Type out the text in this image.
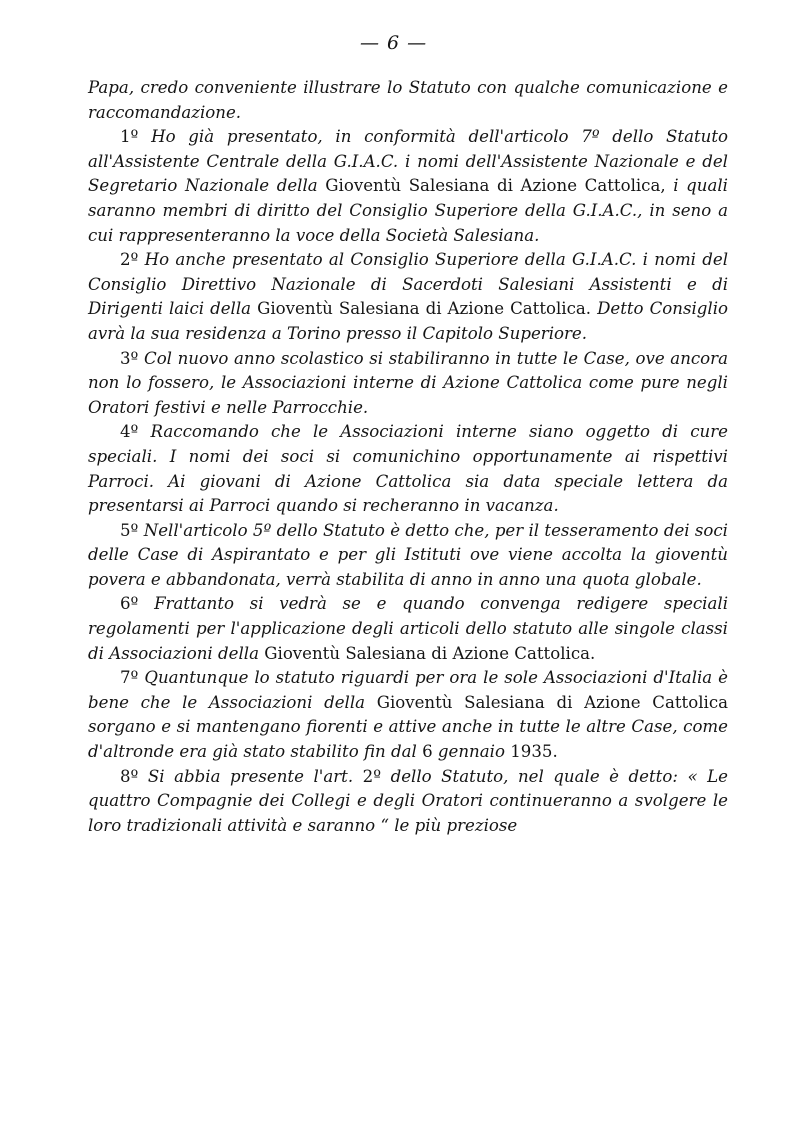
— 6 —

Papa, credo conveniente illustrare lo Statuto con qualche comunicazione e raccomandazione.

1º Ho già presentato, in conformità dell'articolo 7º dello Statuto all'Assistente Centrale della G.I.A.C. i nomi dell'Assistente Nazionale e del Segretario Nazionale della Gioventù Salesiana di Azione Cattolica, i quali saranno membri di diritto del Consiglio Superiore della G.I.A.C., in seno a cui rappresenteranno la voce della Società Salesiana.

2º Ho anche presentato al Consiglio Superiore della G.I.A.C. i nomi del Consiglio Direttivo Nazionale di Sacerdoti Salesiani Assistenti e di Dirigenti laici della Gioventù Salesiana di Azione Cattolica. Detto Consiglio avrà la sua residenza a Torino presso il Capitolo Superiore.

3º Col nuovo anno scolastico si stabiliranno in tutte le Case, ove ancora non lo fossero, le Associazioni interne di Azione Cattolica come pure negli Oratori festivi e nelle Parrocchie.

4º Raccomando che le Associazioni interne siano oggetto di cure speciali. I nomi dei soci si comunichino opportunamente ai rispettivi Parroci. Ai giovani di Azione Cattolica sia data speciale lettera da presentarsi ai Parroci quando si recheranno in vacanza.

5º Nell'articolo 5º dello Statuto è detto che, per il tesseramento dei soci delle Case di Aspirantato e per gli Istituti ove viene accolta la gioventù povera e abbandonata, verrà stabilita di anno in anno una quota globale.

6º Frattanto si vedrà se e quando convenga redigere speciali regolamenti per l'applicazione degli articoli dello statuto alle singole classi di Associazioni della Gioventù Salesiana di Azione Cattolica.

7º Quantunque lo statuto riguardi per ora le sole Associazioni d'Italia è bene che le Associazioni della Gioventù Salesiana di Azione Cattolica sorgano e si mantengano fiorenti e attive anche in tutte le altre Case, come d'altronde era già stato stabilito fin dal 6 gennaio 1935.

8º Si abbia presente l'art. 2º dello Statuto, nel quale è detto: « Le quattro Compagnie dei Collegi e degli Oratori continueranno a svolgere le loro tradizionali attività e saranno “ le più preziose
